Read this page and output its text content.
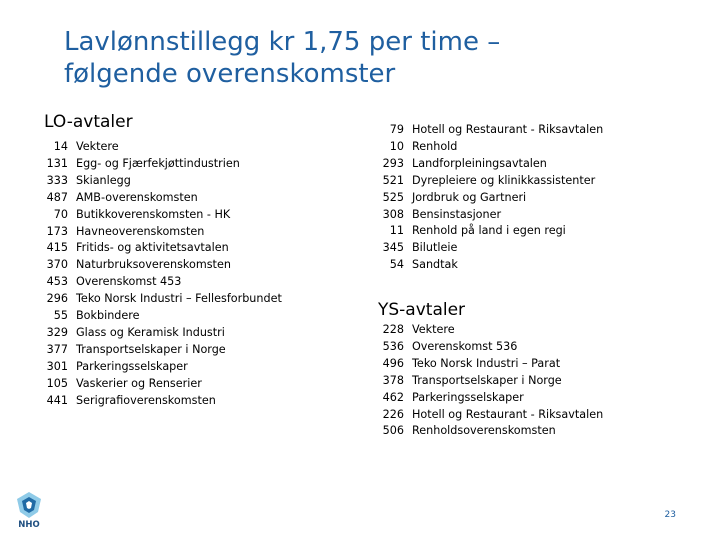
Lavlønnstillegg kr 1,75 per time –
følgende overenskomster
LO-avtaler
14 Vektere
131 Egg- og Fjærfekjøttindustrien
333 Skianlegg
487 AMB-overenskomsten
70 Butikkoverenskomsten - HK
173 Havneoverenskomsten
415 Fritids- og aktivitetsavtalen
370 Naturbruksoverenskomsten
453 Overenskomst 453
296 Teko Norsk Industri – Fellesforbundet
55 Bokbindere
329 Glass og Keramisk Industri
377 Transportselskaper i Norge
301 Parkeringsselskaper
105 Vaskerier og Renserier
441 Serigrafioverenskomsten
79 Hotell og Restaurant - Riksavtalen
10 Renhold
293 Landforpleiningsavtalen
521 Dyrepleiere og klinikkassistenter
525 Jordbruk og Gartneri
308 Bensinstasjoner
11 Renhold på land i egen regi
345 Bilutleie
54 Sandtak
YS-avtaler
228 Vektere
536 Overenskomst 536
496 Teko Norsk Industri – Parat
378 Transportselskaper i Norge
462 Parkeringsselskaper
226 Hotell og Restaurant - Riksavtalen
506 Renholdsoverenskomsten
NHO
23
